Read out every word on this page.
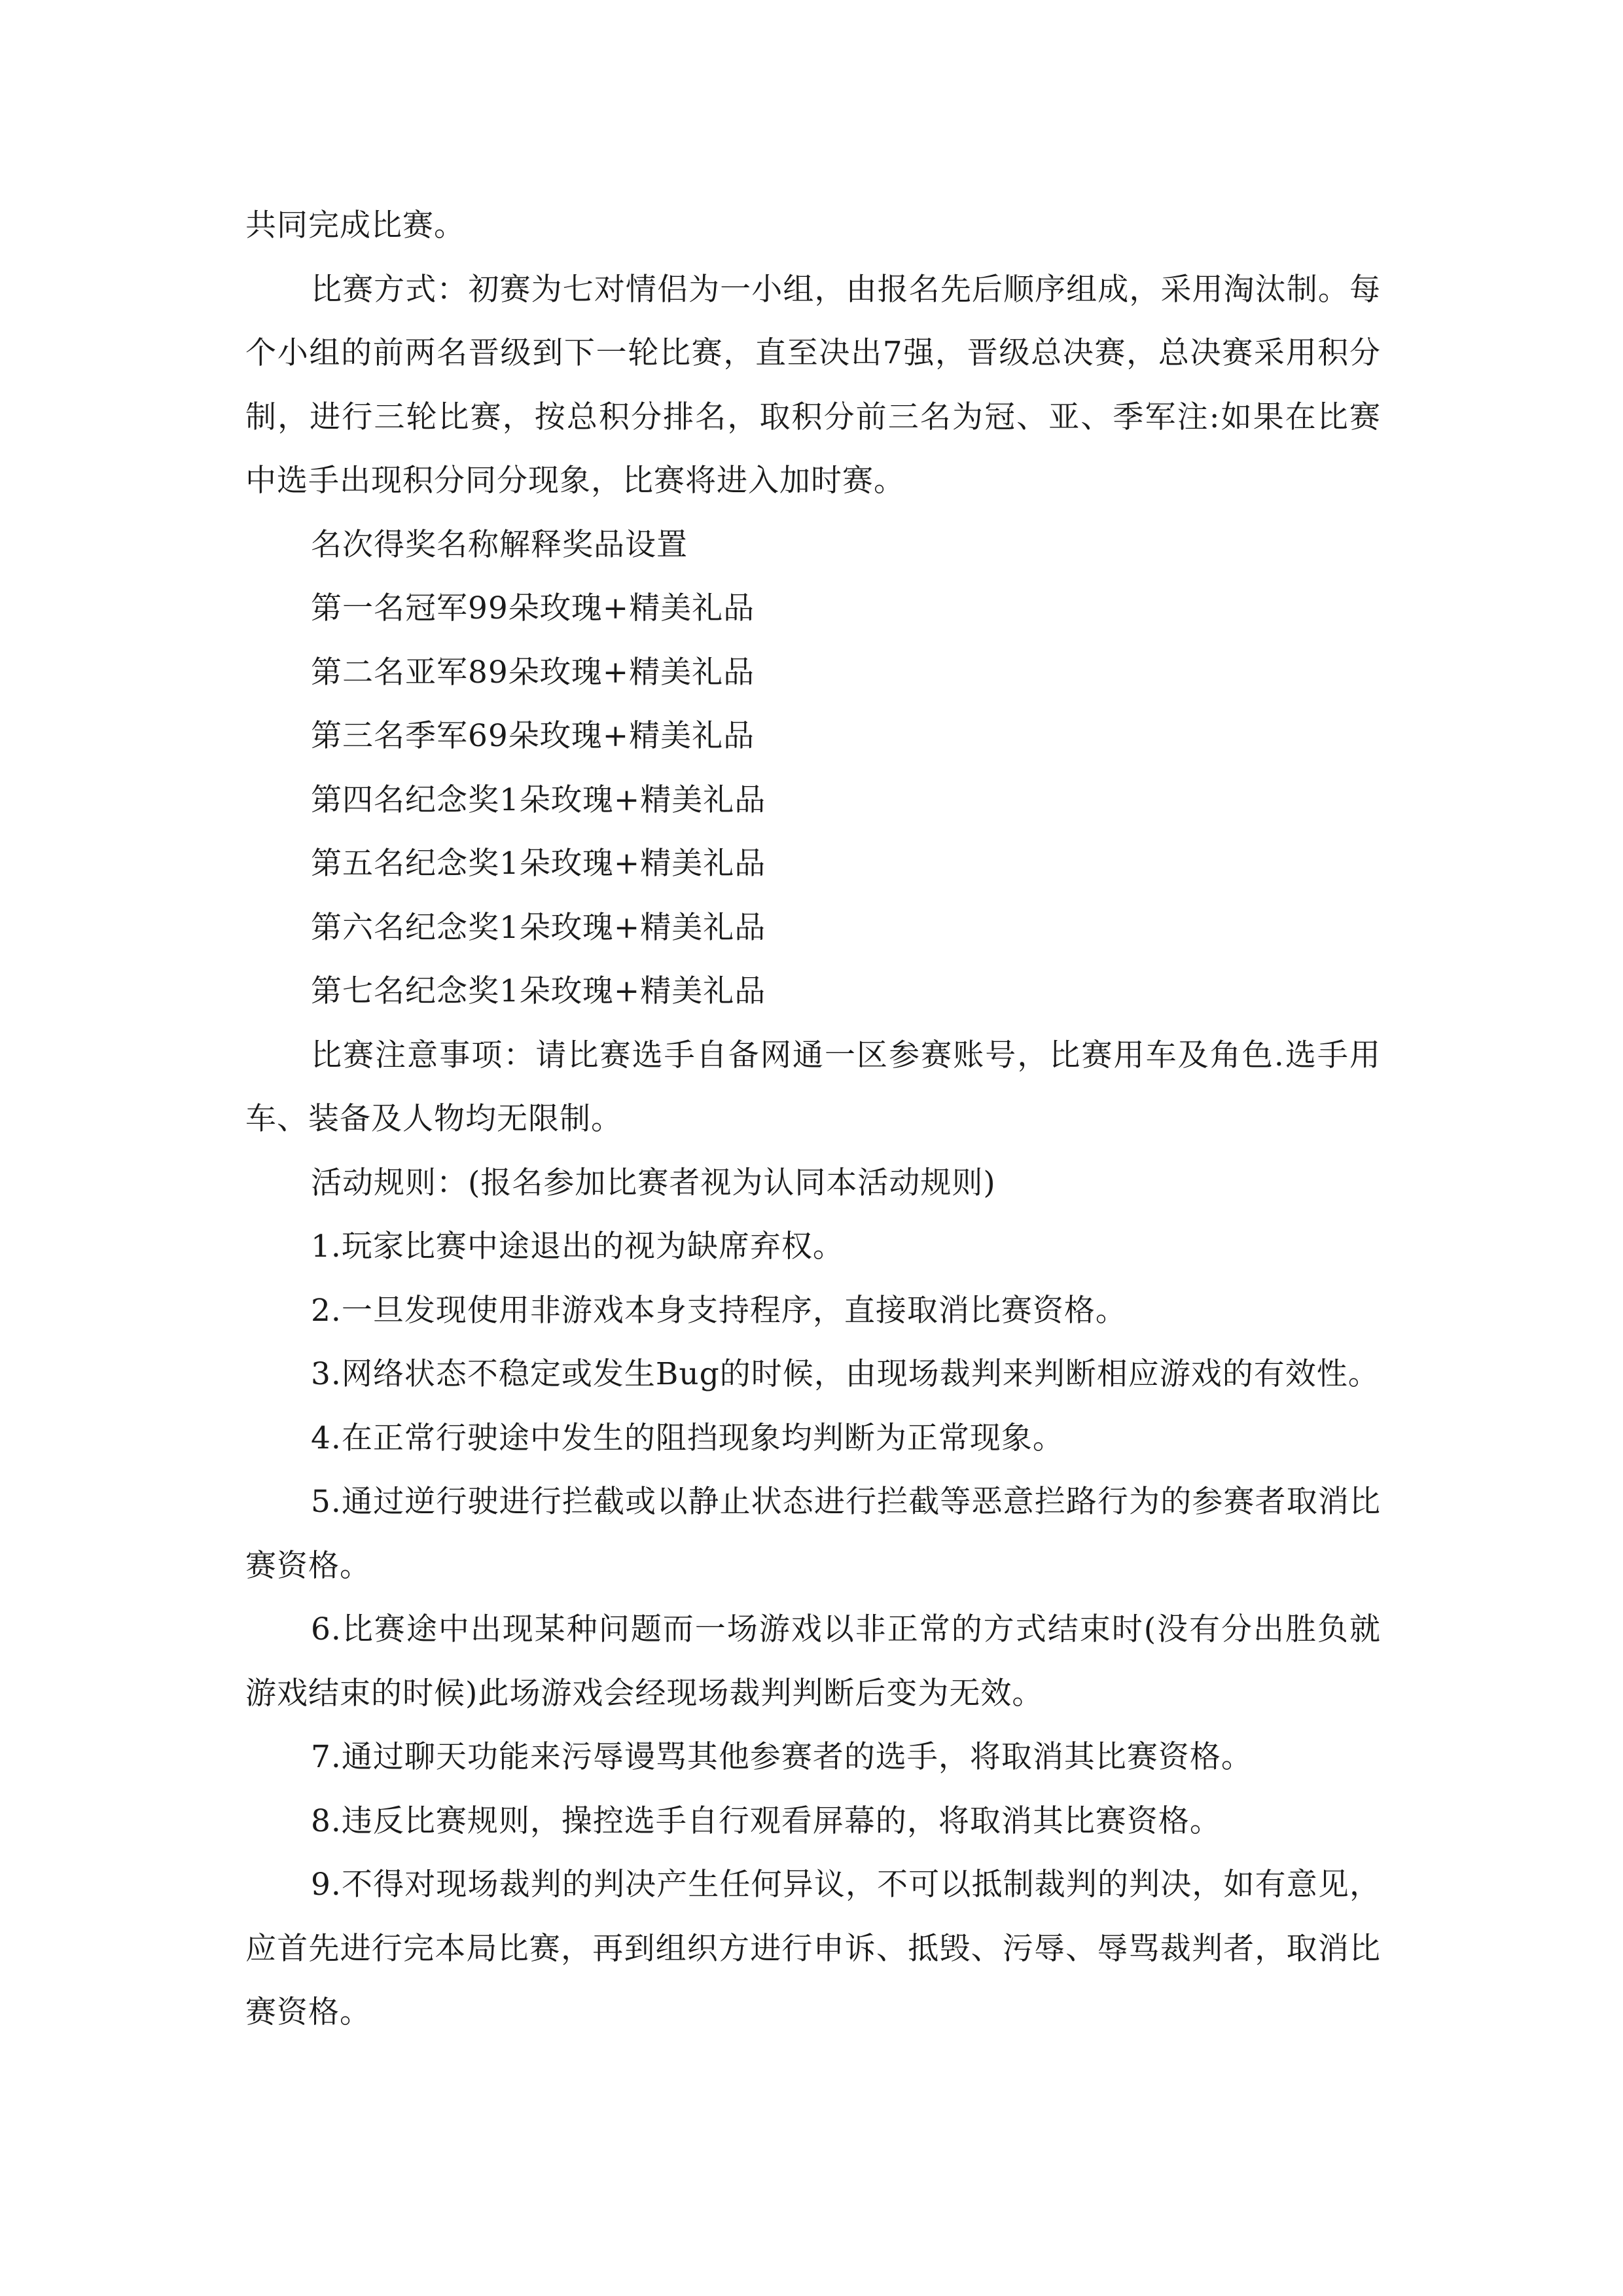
共同完成比赛。

比赛方式：初赛为七对情侣为一小组，由报名先后顺序组成，采用淘汰制。每个小组的前两名晋级到下一轮比赛，直至决出7强，晋级总决赛，总决赛采用积分制，进行三轮比赛，按总积分排名，取积分前三名为冠、亚、季军注:如果在比赛中选手出现积分同分现象，比赛将进入加时赛。

名次得奖名称解释奖品设置

第一名冠军99朵玫瑰+精美礼品

第二名亚军89朵玫瑰+精美礼品

第三名季军69朵玫瑰+精美礼品

第四名纪念奖1朵玫瑰+精美礼品

第五名纪念奖1朵玫瑰+精美礼品

第六名纪念奖1朵玫瑰+精美礼品

第七名纪念奖1朵玫瑰+精美礼品

比赛注意事项：请比赛选手自备网通一区参赛账号，比赛用车及角色.选手用车、装备及人物均无限制。

活动规则：(报名参加比赛者视为认同本活动规则)

1.玩家比赛中途退出的视为缺席弃权。

2.一旦发现使用非游戏本身支持程序，直接取消比赛资格。

3.网络状态不稳定或发生Bug的时候，由现场裁判来判断相应游戏的有效性。

4.在正常行驶途中发生的阻挡现象均判断为正常现象。

5.通过逆行驶进行拦截或以静止状态进行拦截等恶意拦路行为的参赛者取消比赛资格。

6.比赛途中出现某种问题而一场游戏以非正常的方式结束时(没有分出胜负就游戏结束的时候)此场游戏会经现场裁判判断后变为无效。

7.通过聊天功能来污辱谩骂其他参赛者的选手，将取消其比赛资格。

8.违反比赛规则，操控选手自行观看屏幕的，将取消其比赛资格。

9.不得对现场裁判的判决产生任何异议，不可以抵制裁判的判决，如有意见，应首先进行完本局比赛，再到组织方进行申诉、抵毁、污辱、辱骂裁判者，取消比赛资格。
